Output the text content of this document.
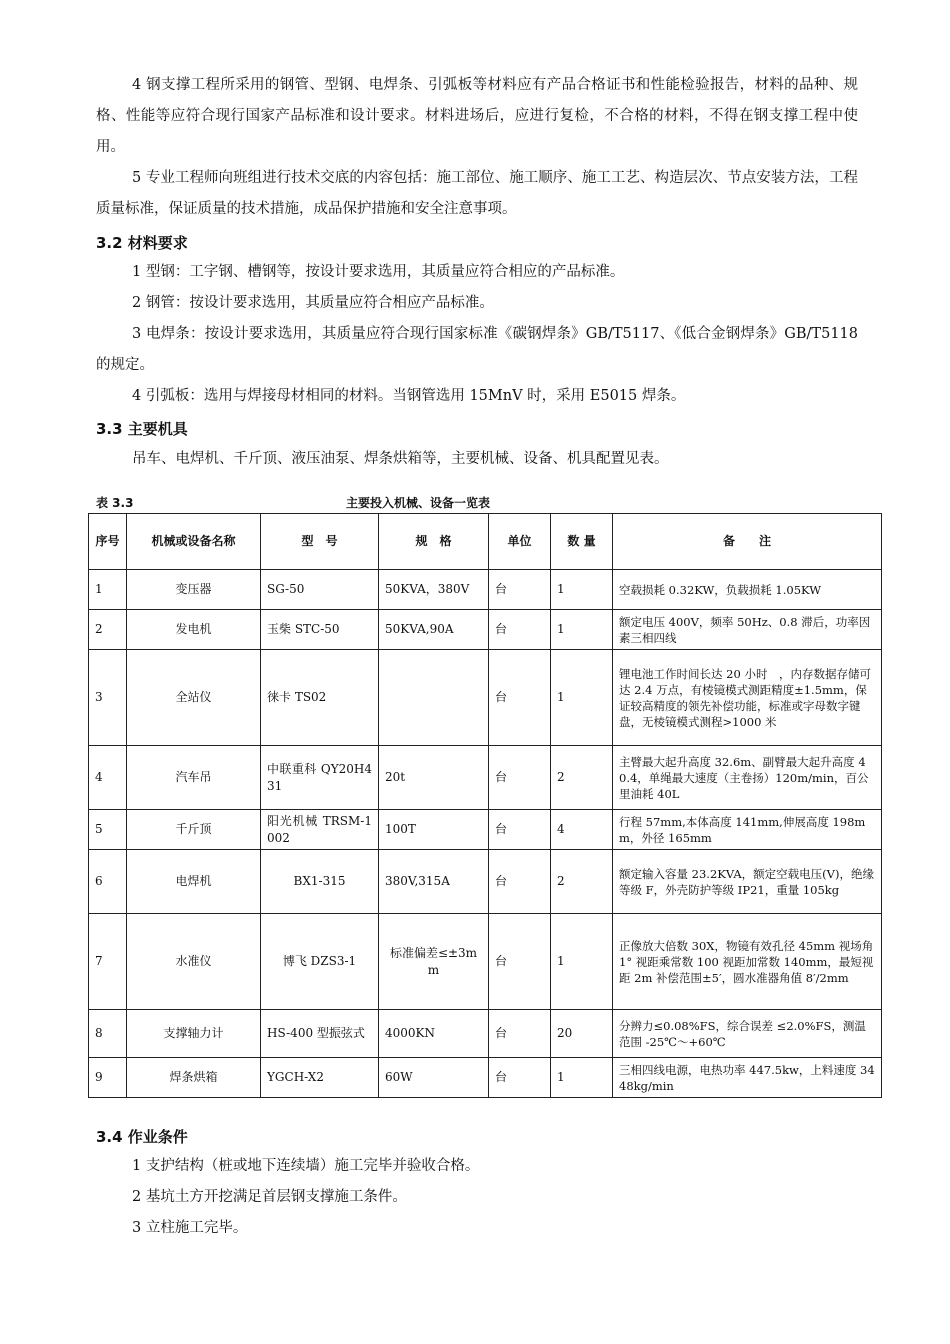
4 钢支撑工程所采用的钢管、型钢、电焊条、引弧板等材料应有产品合格证书和性能检验报告，材料的品种、规格、性能等应符合现行国家产品标准和设计要求。材料进场后，应进行复检，不合格的材料，不得在钢支撑工程中使用。

5 专业工程师向班组进行技术交底的内容包括：施工部位、施工顺序、施工工艺、构造层次、节点安装方法，工程质量标准，保证质量的技术措施，成品保护措施和安全注意事项。

3.2 材料要求

1 型钢：工字钢、槽钢等，按设计要求选用，其质量应符合相应的产品标准。

2 钢管：按设计要求选用，其质量应符合相应产品标准。

3 电焊条：按设计要求选用，其质量应符合现行国家标准《碳钢焊条》GB/T5117、《低合金钢焊条》GB/T5118 的规定。

4 引弧板：选用与焊接母材相同的材料。当钢管选用 15MnV 时，采用 E5015 焊条。

3.3 主要机具

吊车、电焊机、千斤顶、液压油泵、焊条烘箱等，主要机械、设备、机具配置见表。

表 3.3	主要投入机械、设备一览表
序号	机械或设备名称	型　号	规　格	单位	数 量	备　　注
1	变压器	SG-50	50KVA，380V	台	1	空载损耗 0.32KW，负载损耗 1.05KW
2	发电机	玉柴 STC-50	50KVA,90A	台	1	额定电压 400V，频率 50Hz、0.8 滞后，功率因素三相四线
3	全站仪	徕卡 TS02		台	1	锂电池工作时间长达 20 小时　，内存数据存储可达 2.4 万点，有棱镜模式测距精度±1.5mm，保证较高精度的领先补偿功能，标准或字母数字键盘，无棱镜模式测程>1000 米
4	汽车吊	中联重科 QY20H431	20t	台	2	主臂最大起升高度 32.6m、副臂最大起升高度 40.4，单绳最大速度（主卷扬）120m/min，百公里油耗 40L
5	千斤顶	阳光机械 TRSM-1002	100T	台	4	行程 57mm,本体高度 141mm,伸展高度 198mm，外径 165mm
6	电焊机	BX1-315	380V,315A	台	2	额定输入容量 23.2KVA，额定空载电压(V)，绝缘等级 F，外壳防护等级 IP21，重量 105kg
7	水准仪	博飞 DZS3-1	标准偏差≤±3mm	台	1	正像放大倍数 30X，物镜有效孔径 45mm 视场角 1° 视距乘常数 100 视距加常数 140mm，最短视距 2m 补偿范围±5′，圆水准器角值 8′/2mm
8	支撑轴力计	HS-400 型振弦式	4000KN	台	20	分辨力≤0.08%FS，综合误差 ≤2.0%FS，测温范围 -25℃～+60℃
9	焊条烘箱	YGCH-X2	60W	台	1	三相四线电源，电热功率 447.5kw，上料速度 3448kg/min
3.4 作业条件

1 支护结构（桩或地下连续墙）施工完毕并验收合格。

2 基坑土方开挖满足首层钢支撑施工条件。

3 立柱施工完毕。
